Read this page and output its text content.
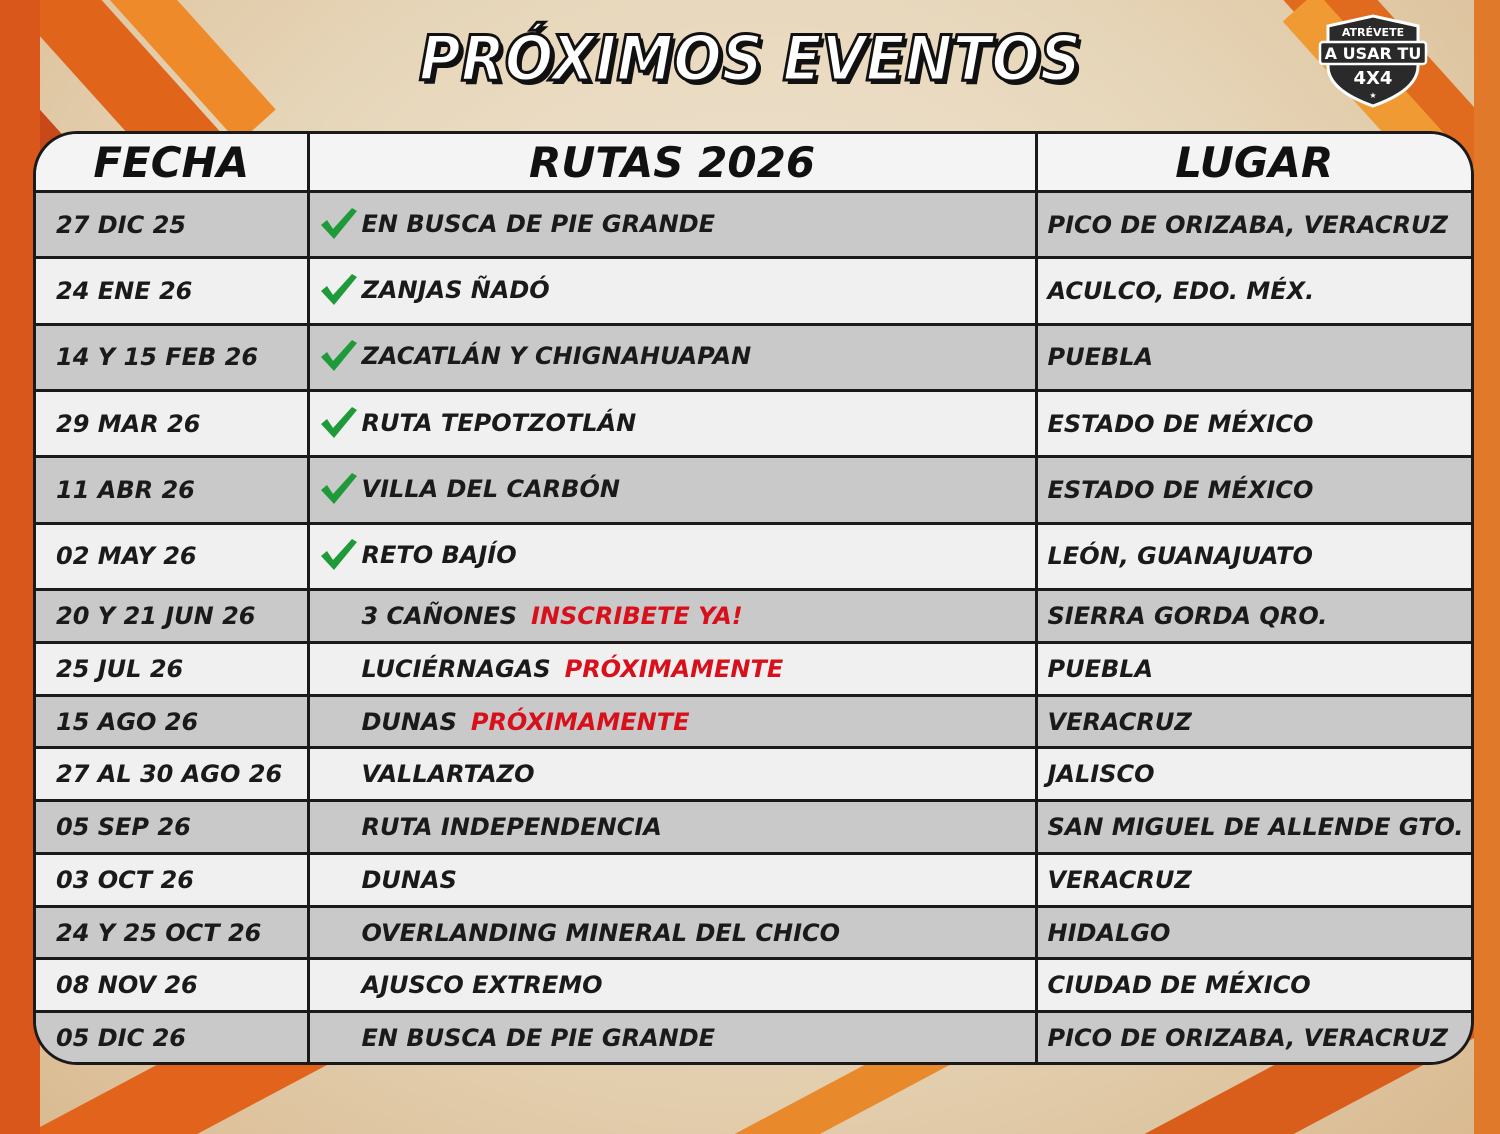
PRÓXIMOS EVENTOS	ATRÉVETE
A USAR TU
4X4
★
FECHA	RUTAS 2026	LUGAR
27 DIC 25	EN BUSCA DE PIE GRANDE	PICO DE ORIZABA, VERACRUZ
24 ENE 26	ZANJAS ÑADÓ	ACULCO, EDO. MÉX.
14 Y 15 FEB 26	ZACATLÁN Y CHIGNAHUAPAN	PUEBLA
29 MAR 26	RUTA TEPOTZOTLÁN	ESTADO DE MÉXICO
11 ABR 26	VILLA DEL CARBÓN	ESTADO DE MÉXICO
02 MAY 26	RETO BAJÍO	LEÓN, GUANAJUATO
20 Y 21 JUN 26	3 CAÑONES INSCRIBETE YA!	SIERRA GORDA QRO.
25 JUL 26	LUCIÉRNAGAS PRÓXIMAMENTE	PUEBLA
15 AGO 26	DUNAS PRÓXIMAMENTE	VERACRUZ
27 AL 30 AGO 26	VALLARTAZO	JALISCO
05 SEP 26	RUTA INDEPENDENCIA	SAN MIGUEL DE ALLENDE GTO.
03 OCT 26	DUNAS	VERACRUZ
24 Y 25 OCT 26	OVERLANDING MINERAL DEL CHICO	HIDALGO
08 NOV 26	AJUSCO EXTREMO	CIUDAD DE MÉXICO
05 DIC 26	EN BUSCA DE PIE GRANDE	PICO DE ORIZABA, VERACRUZ
